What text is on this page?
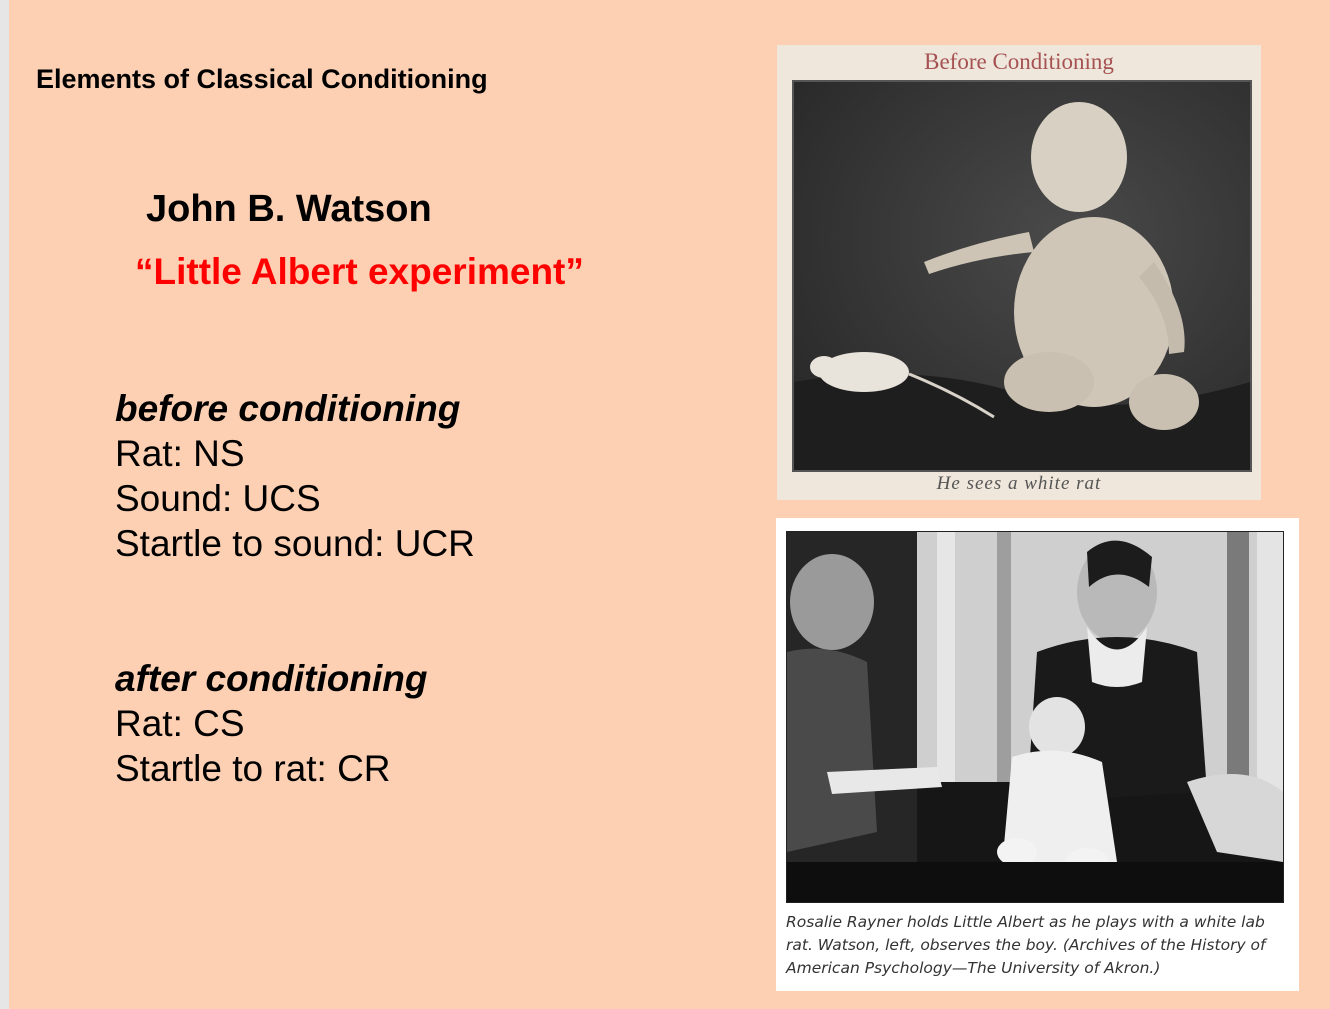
Elements of Classical Conditioning
John B. Watson
“Little Albert experiment”
before conditioning
Rat: NS
Sound: UCS
Startle to sound: UCR
after conditioning
Rat: CS
Startle to rat: CR
Before Conditioning
He sees a white rat
Rosalie Rayner holds Little Albert as he plays with a white lab rat. Watson, left, observes the boy. (Archives of the History of American Psychology—The University of Akron.)
